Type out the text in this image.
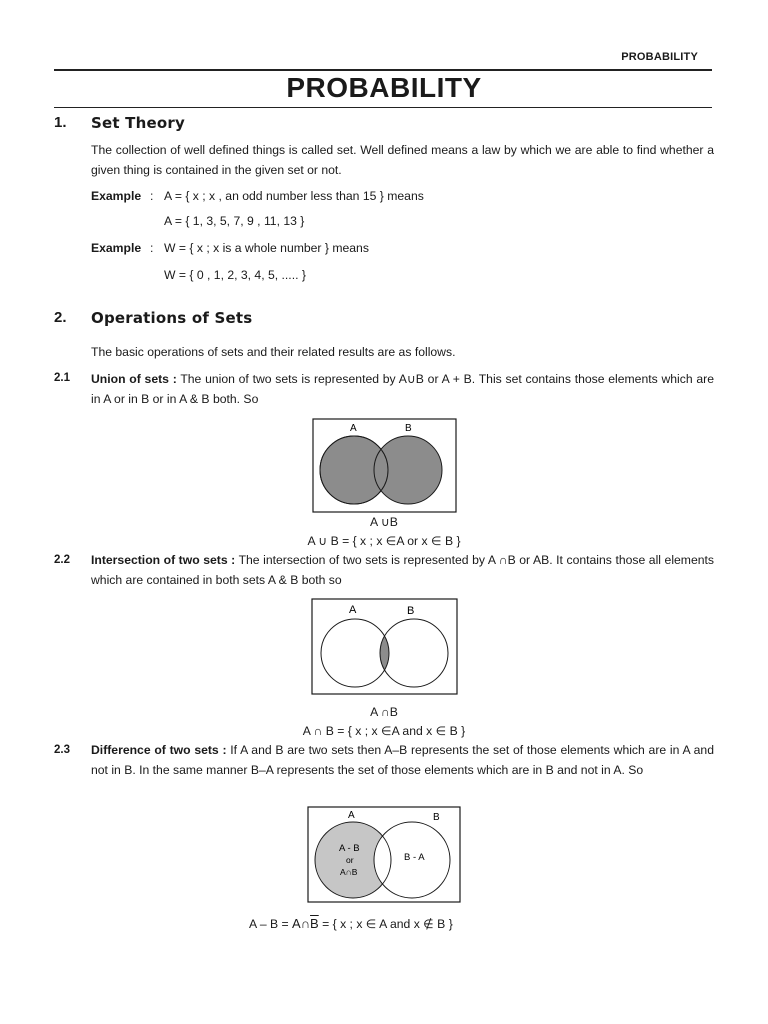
PROBABILITY
PROBABILITY
1. Set Theory
The collection of well defined things is called set. Well defined means a law by which we are able to find whether a given thing is contained in the given set or not.
Example : A = { x ; x , an odd number less than 15 } means
A = { 1, 3, 5, 7, 9 , 11, 13 }
Example : W = { x ; x is a whole number } means
W = { 0 , 1, 2, 3, 4, 5, ..... }
2. Operations of Sets
The basic operations of sets and their related results are as follows.
2.1 Union of sets : The union of two sets is represented by A∪B or A + B. This set contains those elements which are in A or in B or in A & B both. So
A	B
A ∪B
A ∪ B = { x ; x ∈A or x ∈ B }
2.2 Intersection of two sets : The intersection of two sets is represented by A ∩B or AB. It contains those all elements which are contained in both sets A & B both so
A	B
A ∩B
A ∩ B = { x ; x ∈A and x ∈ B }
2.3 Difference of two sets : If A and B are two sets then A–B represents the set of those elements which are in A and not in B. In the same manner B–A represents the set of those elements which are in B and not in A. So
A	B
A - B
or
A∩B
B - A
$A - B = A\cap\overline{B}$ = { x ; x ∈ A and x ∉ B }
